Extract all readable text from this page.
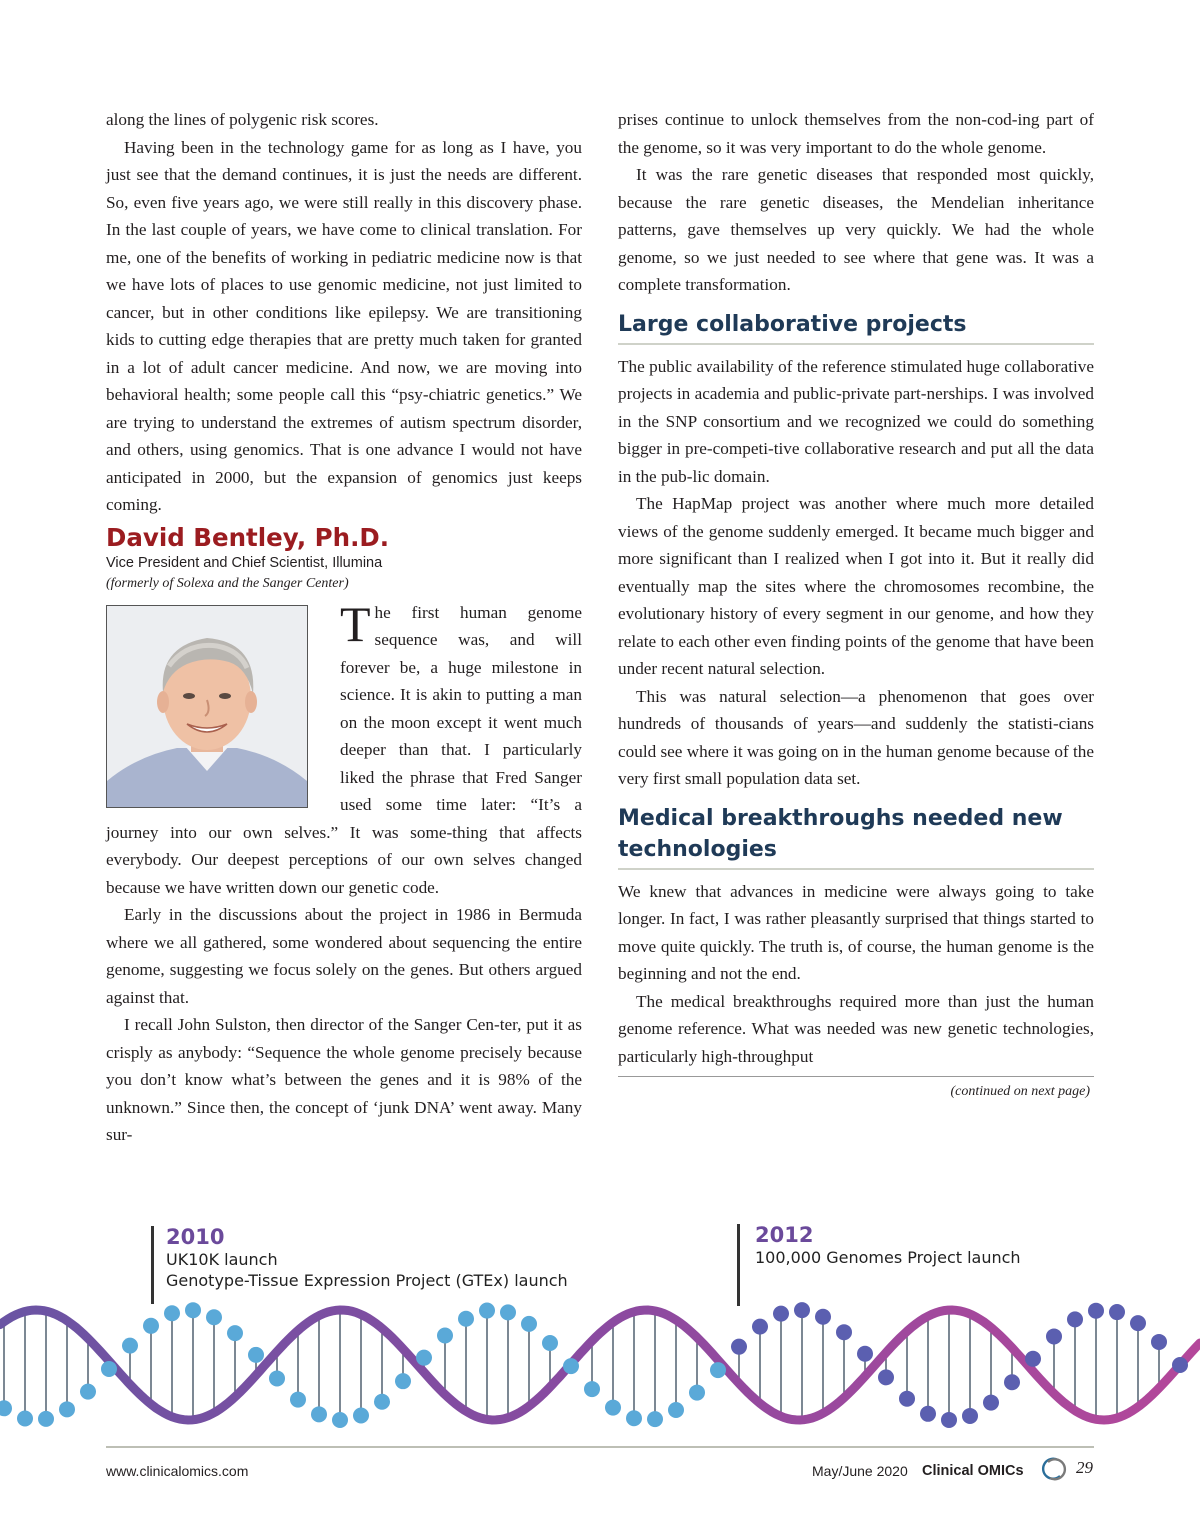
along the lines of polygenic risk scores.

Having been in the technology game for as long as I have, you just see that the demand continues, it is just the needs are different. So, even five years ago, we were still really in this discovery phase. In the last couple of years, we have come to clinical translation. For me, one of the benefits of working in pediatric medicine now is that we have lots of places to use genomic medicine, not just limited to cancer, but in other conditions like epilepsy. We are transitioning kids to cutting edge therapies that are pretty much taken for granted in a lot of adult cancer medicine. And now, we are moving into behavioral health; some people call this “psy-chiatric genetics.” We are trying to understand the extremes of autism spectrum disorder, and others, using genomics. That is one advance I would not have anticipated in 2000, but the expansion of genomics just keeps coming.

David Bentley, Ph.D.
Vice President and Chief Scientist, Illumina
(formerly of Solexa and the Sanger Center)

The first human genome sequence was, and will forever be, a huge milestone in science. It is akin to putting a man on the moon except it went much deeper than that. I particularly liked the phrase that Fred Sanger used some time later: “It’s a journey into our own selves.” It was some-thing that affects everybody. Our deepest perceptions of our own selves changed because we have written down our genetic code.

Early in the discussions about the project in 1986 in Bermuda where we all gathered, some wondered about sequencing the entire genome, suggesting we focus solely on the genes. But others argued against that.

I recall John Sulston, then director of the Sanger Cen-ter, put it as crisply as anybody: “Sequence the whole genome precisely because you don’t know what’s between the genes and it is 98% of the unknown.” Since then, the concept of ‘junk DNA’ went away. Many sur-

prises continue to unlock themselves from the non-cod-ing part of the genome, so it was very important to do the whole genome.

It was the rare genetic diseases that responded most quickly, because the rare genetic diseases, the Mendelian inheritance patterns, gave themselves up very quickly. We had the whole genome, so we just needed to see where that gene was. It was a complete transformation.

Large collaborative projects

The public availability of the reference stimulated huge collaborative projects in academia and public-private part-nerships. I was involved in the SNP consortium and we recognized we could do something bigger in pre-competi-tive collaborative research and put all the data in the pub-lic domain.

The HapMap project was another where much more detailed views of the genome suddenly emerged. It became much bigger and more significant than I realized when I got into it. But it really did eventually map the sites where the chromosomes recombine, the evolutionary history of every segment in our genome, and how they relate to each other even finding points of the genome that have been under recent natural selection.

This was natural selection—a phenomenon that goes over hundreds of thousands of years—and suddenly the statisti-cians could see where it was going on in the human genome because of the very first small population data set.

Medical breakthroughs needed new technologies

We knew that advances in medicine were always going to take longer. In fact, I was rather pleasantly surprised that things started to move quite quickly. The truth is, of course, the human genome is the beginning and not the end.

The medical breakthroughs required more than just the human genome reference. What was needed was new genetic technologies, particularly high-throughput

(continued on next page)
2010
UK10K launch
Genotype-Tissue Expression Project (GTEx) launch
2012
100,000 Genomes Project launch
www.clinicalomics.com	May/June 2020 Clinical OMICs	29
